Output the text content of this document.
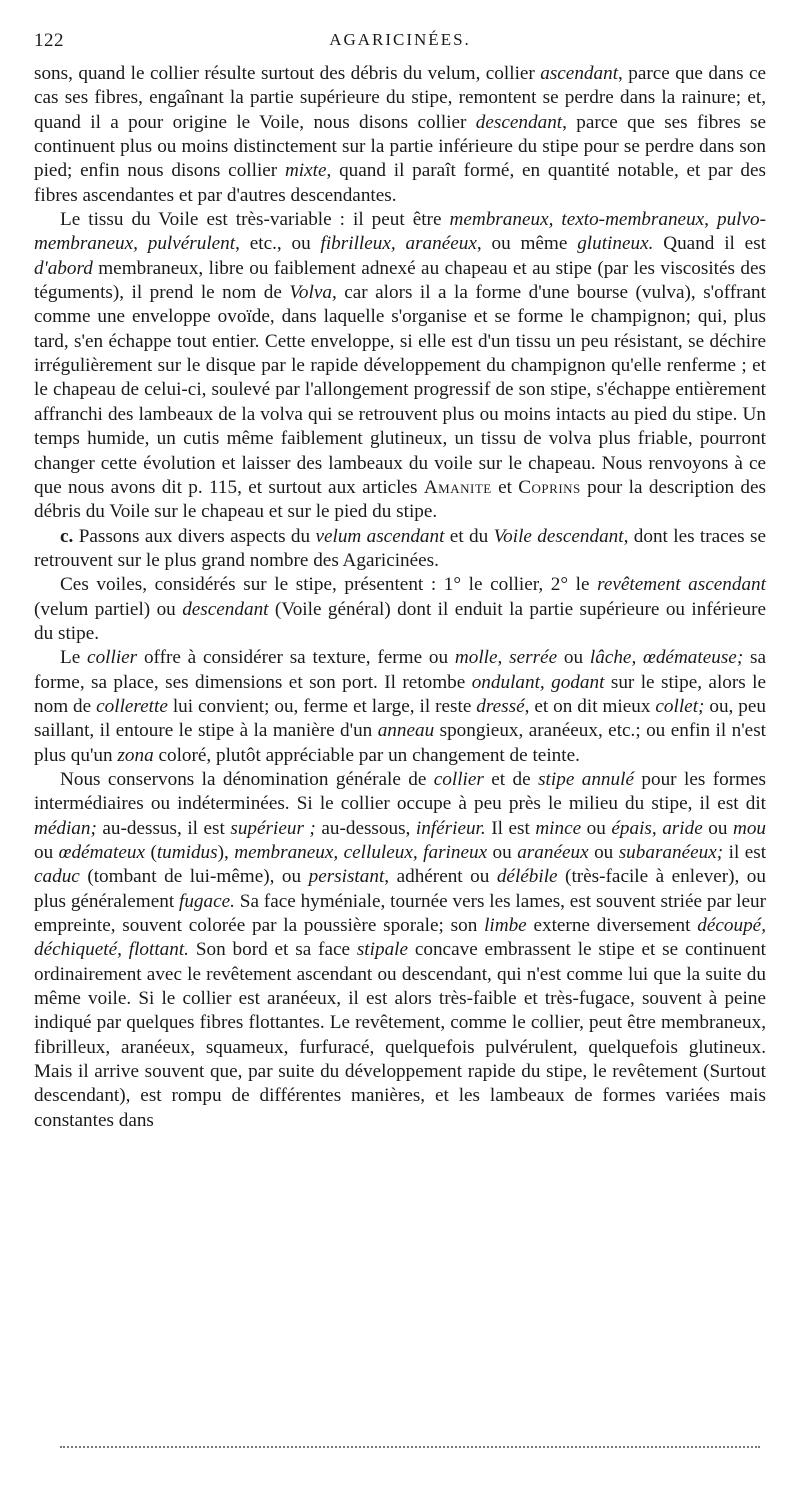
122	AGARICINÉES.

sons, quand le collier résulte surtout des débris du velum, collier ascendant, parce que dans ce cas ses fibres, engaînant la partie supérieure du stipe, remontent se perdre dans la rainure; et, quand il a pour origine le Voile, nous disons collier descendant, parce que ses fibres se continuent plus ou moins distinctement sur la partie inférieure du stipe pour se perdre dans son pied; enfin nous disons collier mixte, quand il paraît formé, en quantité notable, et par des fibres ascendantes et par d'autres descendantes.

Le tissu du Voile est très-variable : il peut être membraneux, texto-membraneux, pulvo-membraneux, pulvérulent, etc., ou fibrilleux, aranéeux, ou même glutineux. Quand il est d'abord membraneux, libre ou faiblement adnexé au chapeau et au stipe (par les viscosités des téguments), il prend le nom de Volva, car alors il a la forme d'une bourse (vulva), s'offrant comme une enveloppe ovoïde, dans laquelle s'organise et se forme le champignon; qui, plus tard, s'en échappe tout entier. Cette enveloppe, si elle est d'un tissu un peu résistant, se déchire irrégulièrement sur le disque par le rapide développement du champignon qu'elle renferme ; et le chapeau de celui-ci, soulevé par l'allongement progressif de son stipe, s'échappe entièrement affranchi des lambeaux de la volva qui se retrouvent plus ou moins intacts au pied du stipe. Un temps humide, un cutis même faiblement glutineux, un tissu de volva plus friable, pourront changer cette évolution et laisser des lambeaux du voile sur le chapeau. Nous renvoyons à ce que nous avons dit p. 115, et surtout aux articles Amanite et Coprins pour la description des débris du Voile sur le chapeau et sur le pied du stipe.

c. Passons aux divers aspects du velum ascendant et du Voile descendant, dont les traces se retrouvent sur le plus grand nombre des Agaricinées.

Ces voiles, considérés sur le stipe, présentent : 1° le collier, 2° le revêtement ascendant (velum partiel) ou descendant (Voile général) dont il enduit la partie supérieure ou inférieure du stipe.

Le collier offre à considérer sa texture, ferme ou molle, serrée ou lâche, œdémateuse; sa forme, sa place, ses dimensions et son port. Il retombe ondulant, godant sur le stipe, alors le nom de collerette lui convient; ou, ferme et large, il reste dressé, et on dit mieux collet; ou, peu saillant, il entoure le stipe à la manière d'un anneau spongieux, aranéeux, etc.; ou enfin il n'est plus qu'un zona coloré, plutôt appréciable par un changement de teinte.

Nous conservons la dénomination générale de collier et de stipe annulé pour les formes intermédiaires ou indéterminées. Si le collier occupe à peu près le milieu du stipe, il est dit médian; au-dessus, il est supérieur ; au-dessous, inférieur. Il est mince ou épais, aride ou mou ou œdémateux (tumidus), membraneux, celluleux, farineux ou aranéeux ou subaranéeux; il est caduc (tombant de lui-même), ou persistant, adhérent ou délébile (très-facile à enlever), ou plus généralement fugace. Sa face hyméniale, tournée vers les lames, est souvent striée par leur empreinte, souvent colorée par la poussière sporale; son limbe externe diversement découpé, déchiqueté, flottant. Son bord et sa face stipale concave embrassent le stipe et se continuent ordinairement avec le revêtement ascendant ou descendant, qui n'est comme lui que la suite du même voile. Si le collier est aranéeux, il est alors très-faible et très-fugace, souvent à peine indiqué par quelques fibres flottantes. Le revêtement, comme le collier, peut être membraneux, fibrilleux, aranéeux, squameux, furfuracé, quelquefois pulvérulent, quelquefois glutineux. Mais il arrive souvent que, par suite du développement rapide du stipe, le revêtement (Surtout descendant), est rompu de différentes manières, et les lambeaux de formes variées mais constantes dans
